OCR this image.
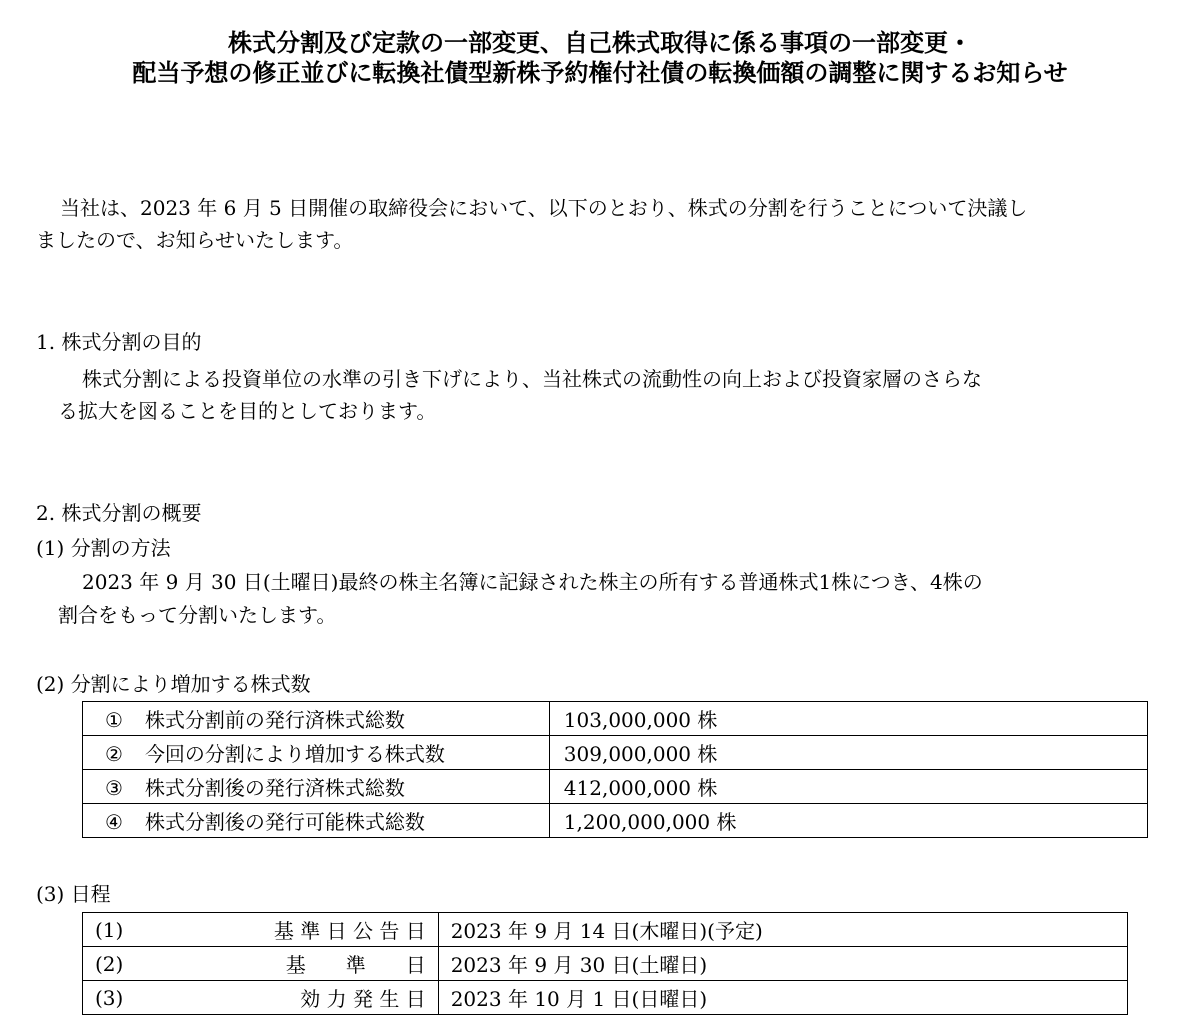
株式分割及び定款の一部変更、自己株式取得に係る事項の一部変更・
配当予想の修正並びに転換社債型新株予約権付社債の転換価額の調整に関するお知らせ
当社は、2023 年 6 月 5 日開催の取締役会において、以下のとおり、株式の分割を行うことについて決議し
ましたので、お知らせいたします。
1. 株式分割の目的
株式分割による投資単位の水準の引き下げにより、当社株式の流動性の向上および投資家層のさらな
る拡大を図ることを目的としております。
2. 株式分割の概要
(1) 分割の方法
2023 年 9 月 30 日(土曜日)最終の株主名簿に記録された株主の所有する普通株式1株につき、4株の
割合をもって分割いたします。
(2) 分割により増加する株式数
① 株式分割前の発行済株式総数	103,000,000 株
② 今回の分割により増加する株式数	309,000,000 株
③ 株式分割後の発行済株式総数	412,000,000 株
④ 株式分割後の発行可能株式総数	1,200,000,000 株
(3) 日程
(1)	基 準 日 公 告 日	2023 年 9 月 14 日(木曜日)(予定)
(2)	基　　準　　日	2023 年 9 月 30 日(土曜日)
(3)	効 力 発 生 日	2023 年 10 月 1 日(日曜日)
